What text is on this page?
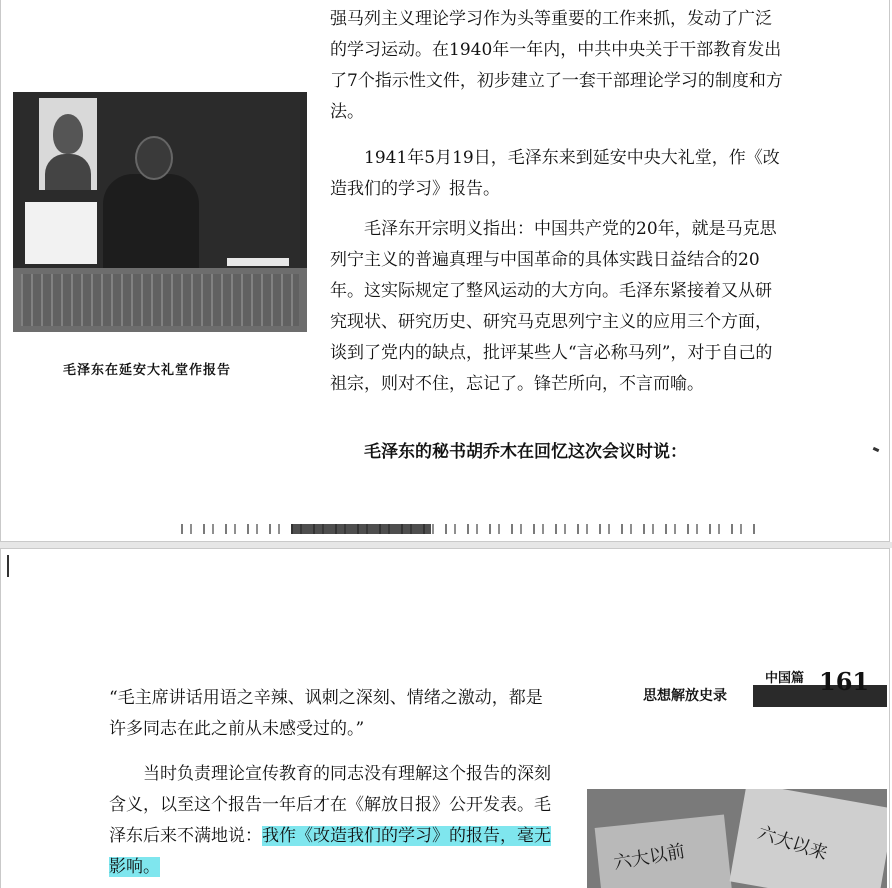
毛泽东在延安大礼堂作报告

强马列主义理论学习作为头等重要的工作来抓，发动了广泛的学习运动。在1940年一年内，中共中央关于干部教育发出了7个指示性文件，初步建立了一套干部理论学习的制度和方法。

1941年5月19日，毛泽东来到延安中央大礼堂，作《改造我们的学习》报告。

毛泽东开宗明义指出：中国共产党的20年，就是马克思列宁主义的普遍真理与中国革命的具体实践日益结合的20年。这实际规定了整风运动的大方向。毛泽东紧接着又从研究现状、研究历史、研究马克思列宁主义的应用三个方面，谈到了党内的缺点，批评某些人“言必称马列”，对于自己的祖宗，则对不住，忘记了。锋芒所向，不言而喻。

毛泽东的秘书胡乔木在回忆这次会议时说：

中国篇 161
思想解放史录

“毛主席讲话用语之辛辣、讽刺之深刻、情绪之激动，都是许多同志在此之前从未感受过的。”

当时负责理论宣传教育的同志没有理解这个报告的深刻含义，以至这个报告一年后才在《解放日报》公开发表。毛泽东后来不满地说：我作《改造我们的学习》的报告，毫无影响。	六大以前	六大以来
